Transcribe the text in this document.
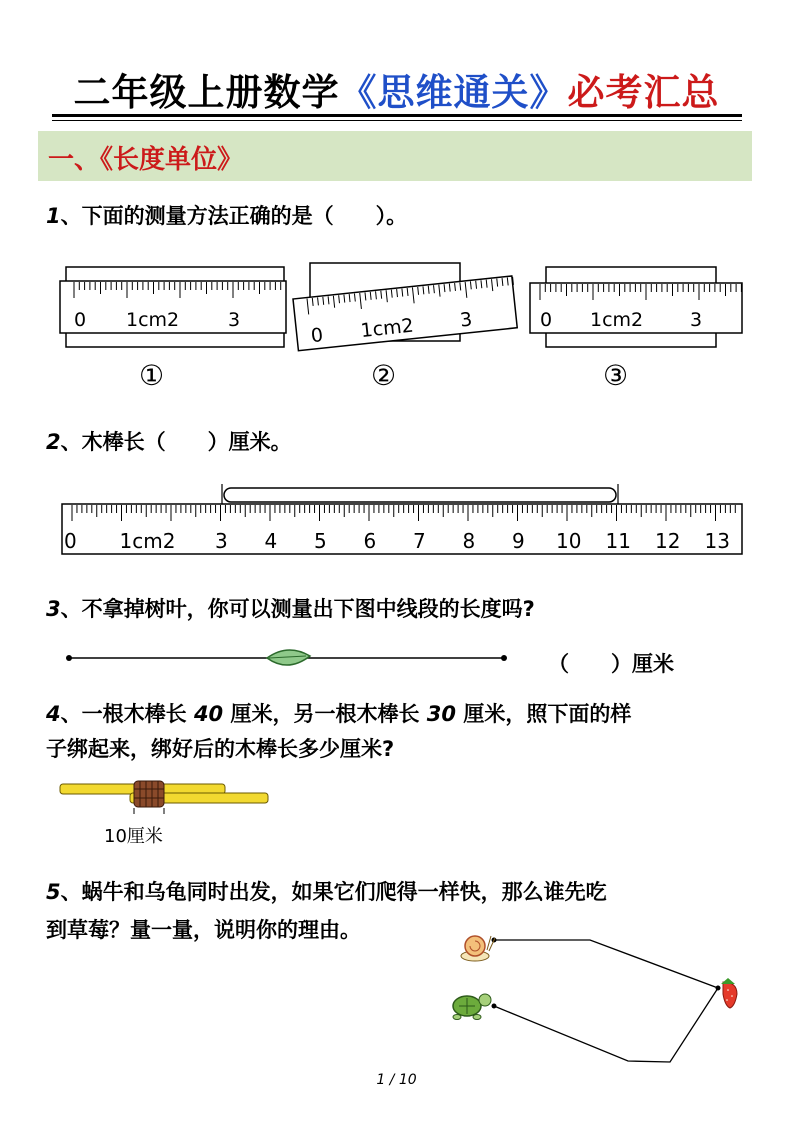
二年级上册数学《思维通关》必考汇总
一、《长度单位》
1、下面的测量方法正确的是（　　）。
0 1cm2	3
0 1cm2 3	0 1cm2 3
①	②	③
2、木棒长（　　）厘米。
0 1cm2 3 4 5 6 7 8 9 10 11 12 13
3、不拿掉树叶，你可以测量出下图中线段的长度吗?
（　　）厘米
4、一根木棒长 40 厘米，另一根木棒长 30 厘米，照下面的样
子绑起来，绑好后的木棒长多少厘米?
10厘米
5、蜗牛和乌龟同时出发，如果它们爬得一样快，那么谁先吃
到草莓？量一量，说明你的理由。
1 / 10
